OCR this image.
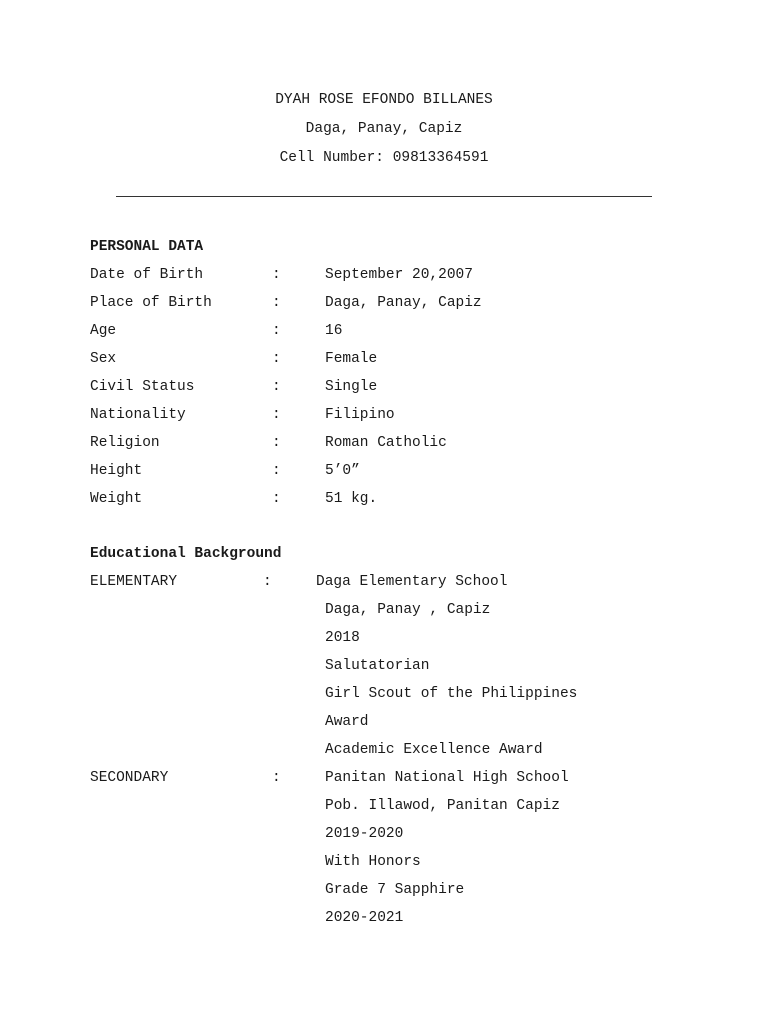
DYAH ROSE EFONDO BILLANES
Daga, Panay, Capiz
Cell Number: 09813364591
PERSONAL DATA
Date of Birth	:	September 20,2007
Place of Birth	:	Daga, Panay, Capiz
Age	:	16
Sex	:	Female
Civil Status	:	Single
Nationality	:	Filipino
Religion	:	Roman Catholic
Height	:	5’0”
Weight	:	51 kg.
Educational Background
ELEMENTARY	:	Daga Elementary School
Daga, Panay , Capiz
2018
Salutatorian
Girl Scout of the Philippines
Award
Academic Excellence Award
SECONDARY	:	Panitan National High School
Pob. Illawod, Panitan Capiz
2019-2020
With Honors
Grade 7 Sapphire
2020-2021
